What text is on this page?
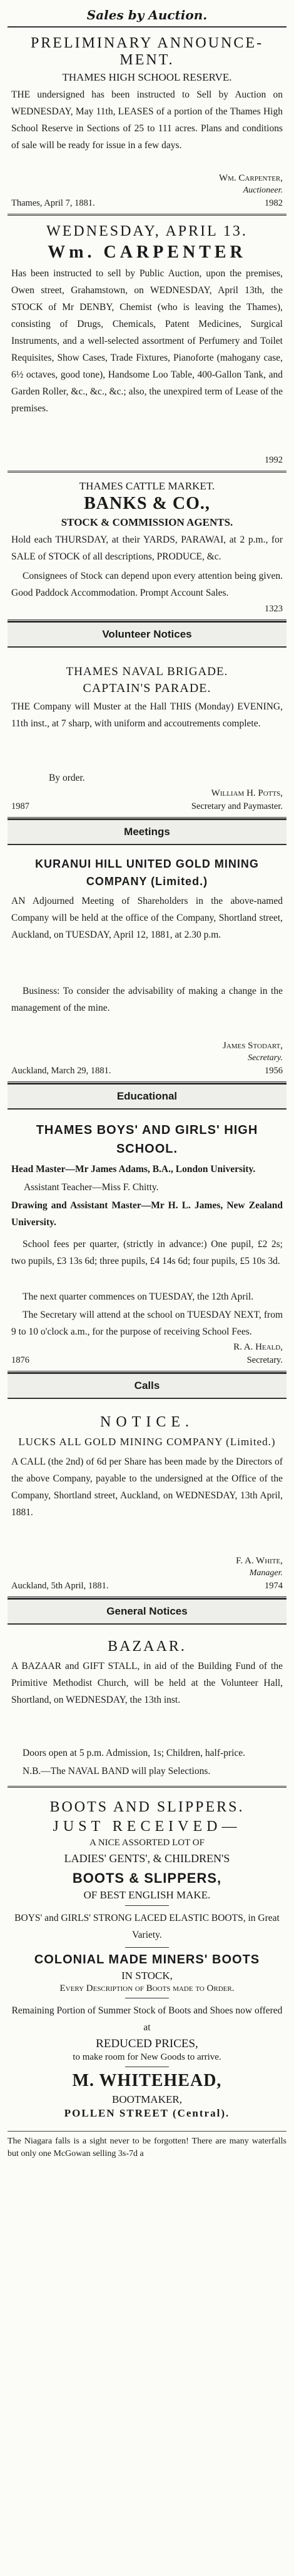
Sales by Auction.
PRELIMINARY ANNOUNCE-MENT.
THAMES HIGH SCHOOL RESERVE.
THE undersigned has been instructed to Sell by Auction on WEDNESDAY, May 11th, LEASES of a portion of the Thames High School Reserve in Sections of 25 to 111 acres. Plans and conditions of sale will be ready for issue in a few days.
Wm. Carpenter,
Auctioneer.
Thames, April 7, 1881.	1982
WEDNESDAY, APRIL 13.
Wm. CARPENTER
Has been instructed to sell by Public Auction, upon the premises, Owen street, Grahamstown, on WEDNESDAY, April 13th, the STOCK of Mr DENBY, Chemist (who is leaving the Thames), consisting of Drugs, Chemicals, Patent Medicines, Surgical Instruments, and a well-selected assortment of Perfumery and Toilet Requisites, Show Cases, Trade Fixtures, Pianoforte (mahogany case, 6½ octaves, good tone), Handsome Loo Table, 400-Gallon Tank, and Garden Roller, &c., &c., &c.; also, the unexpired term of Lease of the premises.
1992
THAMES CATTLE MARKET.
BANKS & CO.,
STOCK & COMMISSION AGENTS.
Hold each THURSDAY, at their YARDS, PARAWAI, at 2 p.m., for SALE of STOCK of all descriptions, PRODUCE, &c.
Consignees of Stock can depend upon every attention being given. Good Paddock Accommodation. Prompt Account Sales.
1323
Volunteer Notices
THAMES NAVAL BRIGADE.
CAPTAIN'S PARADE.
THE Company will Muster at the Hall THIS (Monday) EVENING, 11th inst., at 7 sharp, with uniform and accoutrements complete.
By order.
William H. Potts,
1987	Secretary and Paymaster.
Meetings
KURANUI HILL UNITED GOLD MINING COMPANY (Limited.)
AN Adjourned Meeting of Shareholders in the above-named Company will be held at the office of the Company, Shortland street, Auckland, on TUESDAY, April 12, 1881, at 2.30 p.m.
Business: To consider the advisability of making a change in the management of the mine.
James Stodart,
Secretary.
Auckland, March 29, 1881.	1956
Educational
THAMES BOYS' AND GIRLS' HIGH SCHOOL.
Head Master—Mr James Adams, B.A., London University.
Assistant Teacher—Miss F. Chitty.
Drawing and Assistant Master—Mr H. L. James, New Zealand University.
School fees per quarter, (strictly in advance:) One pupil, £2 2s; two pupils, £3 13s 6d; three pupils, £4 14s 6d; four pupils, £5 10s 3d.
The next quarter commences on TUESDAY, the 12th April.
The Secretary will attend at the school on TUESDAY NEXT, from 9 to 10 o'clock a.m., for the purpose of receiving School Fees.
R. A. Heald,
1876	Secretary.
Calls
NOTICE.
LUCKS ALL GOLD MINING COMPANY (Limited.)
A CALL (the 2nd) of 6d per Share has been made by the Directors of the above Company, payable to the undersigned at the Office of the Company, Shortland street, Auckland, on WEDNESDAY, 13th April, 1881.
F. A. White,
Manager.
Auckland, 5th April, 1881.	1974
General Notices
BAZAAR.
A BAZAAR and GIFT STALL, in aid of the Building Fund of the Primitive Methodist Church, will be held at the Volunteer Hall, Shortland, on WEDNESDAY, the 13th inst.
Doors open at 5 p.m. Admission, 1s; Children, half-price.
N.B.—The NAVAL BAND will play Selections.
BOOTS AND SLIPPERS.
JUST RECEIVED—
A NICE ASSORTED LOT OF
LADIES' GENTS', & CHILDREN'S
BOOTS & SLIPPERS,
OF BEST ENGLISH MAKE.
BOYS' and GIRLS' STRONG LACED ELASTIC BOOTS, in Great Variety.
COLONIAL MADE MINERS' BOOTS
IN STOCK,
Every Description of Boots made to Order.
Remaining Portion of Summer Stock of Boots and Shoes now offered at
REDUCED PRICES,
to make room for New Goods to arrive.
M. WHITEHEAD,
BOOTMAKER,
POLLEN STREET (Central).
The Niagara falls is a sight never to be forgotten! There are many waterfalls but only one McGowan selling 3s-7d a
